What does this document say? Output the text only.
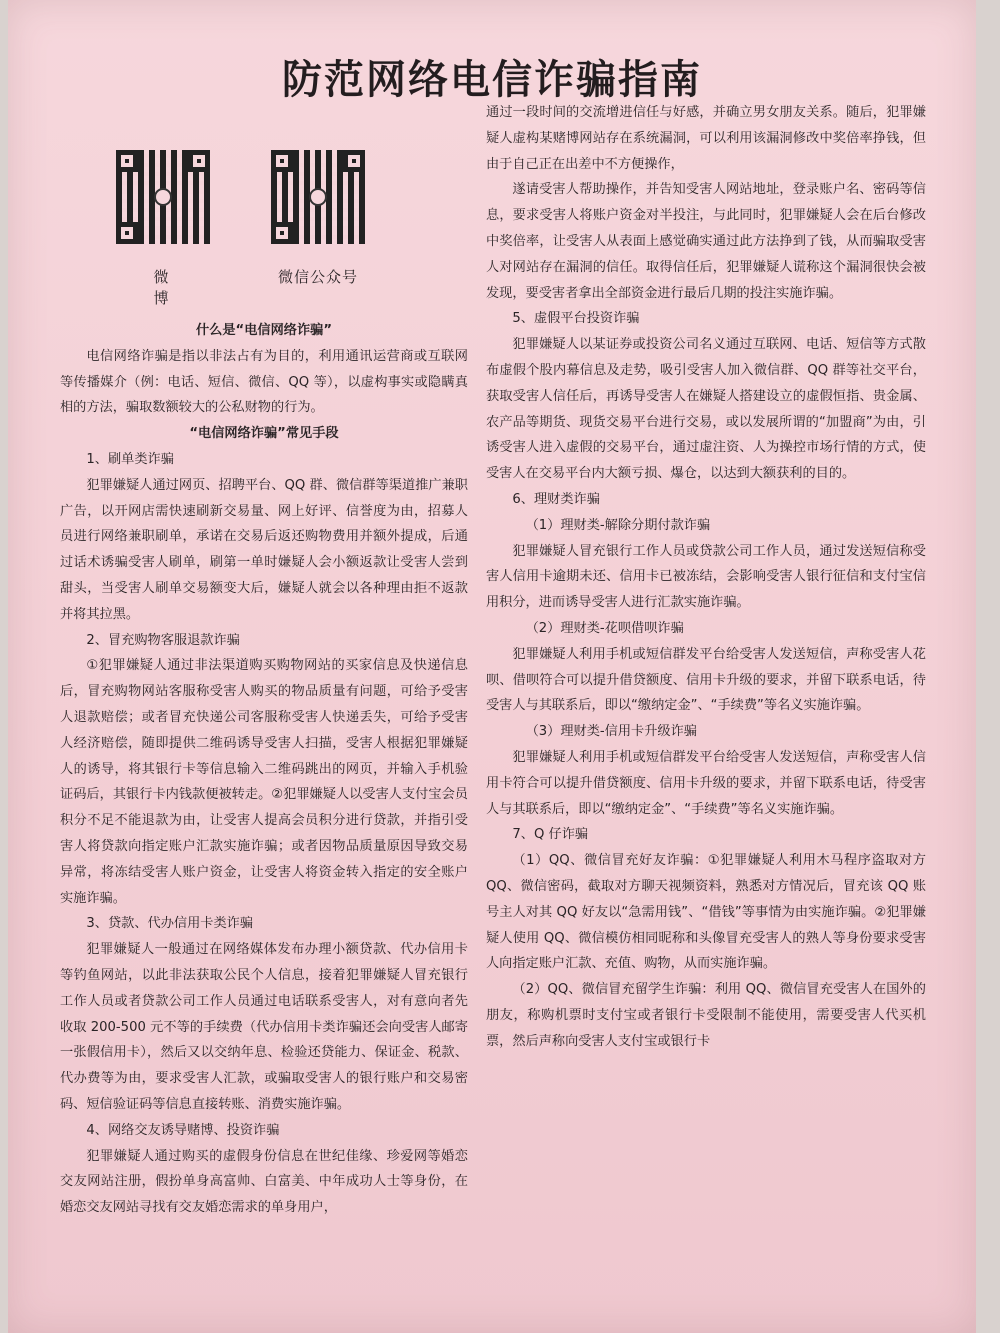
防范网络电信诈骗指南
微　博
微信公众号

什么是“电信网络诈骗”

电信网络诈骗是指以非法占有为目的，利用通讯运营商或互联网等传播媒介（例：电话、短信、微信、QQ 等），以虚构事实或隐瞒真相的方法，骗取数额较大的公私财物的行为。

“电信网络诈骗”常见手段

1、刷单类诈骗

犯罪嫌疑人通过网页、招聘平台、QQ 群、微信群等渠道推广兼职广告，以开网店需快速刷新交易量、网上好评、信誉度为由，招募人员进行网络兼职刷单，承诺在交易后返还购物费用并额外提成，后通过话术诱骗受害人刷单，刷第一单时嫌疑人会小额返款让受害人尝到甜头，当受害人刷单交易额变大后，嫌疑人就会以各种理由拒不返款并将其拉黑。

2、冒充购物客服退款诈骗

①犯罪嫌疑人通过非法渠道购买购物网站的买家信息及快递信息后，冒充购物网站客服称受害人购买的物品质量有问题，可给予受害人退款赔偿；或者冒充快递公司客服称受害人快递丢失，可给予受害人经济赔偿，随即提供二维码诱导受害人扫描，受害人根据犯罪嫌疑人的诱导，将其银行卡等信息输入二维码跳出的网页，并输入手机验证码后，其银行卡内钱款便被转走。②犯罪嫌疑人以受害人支付宝会员积分不足不能退款为由，让受害人提高会员积分进行贷款，并指引受害人将贷款向指定账户汇款实施诈骗；或者因物品质量原因导致交易异常，将冻结受害人账户资金，让受害人将资金转入指定的安全账户实施诈骗。

3、贷款、代办信用卡类诈骗

犯罪嫌疑人一般通过在网络媒体发布办理小额贷款、代办信用卡等钓鱼网站，以此非法获取公民个人信息，接着犯罪嫌疑人冒充银行工作人员或者贷款公司工作人员通过电话联系受害人，对有意向者先收取 200-500 元不等的手续费（代办信用卡类诈骗还会向受害人邮寄一张假信用卡），然后又以交纳年息、检验还贷能力、保证金、税款、代办费等为由，要求受害人汇款，或骗取受害人的银行账户和交易密码、短信验证码等信息直接转账、消费实施诈骗。

4、网络交友诱导赌博、投资诈骗

犯罪嫌疑人通过购买的虚假身份信息在世纪佳缘、珍爱网等婚恋交友网站注册，假扮单身高富帅、白富美、中年成功人士等身份，在婚恋交友网站寻找有交友婚恋需求的单身用户，

通过一段时间的交流增进信任与好感，并确立男女朋友关系。随后，犯罪嫌疑人虚构某赌博网站存在系统漏洞，可以利用该漏洞修改中奖倍率挣钱，但由于自己正在出差中不方便操作，

遂请受害人帮助操作，并告知受害人网站地址，登录账户名、密码等信息，要求受害人将账户资金对半投注，与此同时，犯罪嫌疑人会在后台修改中奖倍率，让受害人从表面上感觉确实通过此方法挣到了钱，从而骗取受害人对网站存在漏洞的信任。取得信任后，犯罪嫌疑人谎称这个漏洞很快会被发现，要受害者拿出全部资金进行最后几期的投注实施诈骗。

5、虚假平台投资诈骗

犯罪嫌疑人以某证券或投资公司名义通过互联网、电话、短信等方式散布虚假个股内幕信息及走势，吸引受害人加入微信群、QQ 群等社交平台，获取受害人信任后，再诱导受害人在嫌疑人搭建设立的虚假恒指、贵金属、农产品等期货、现货交易平台进行交易，或以发展所谓的“加盟商”为由，引诱受害人进入虚假的交易平台，通过虚注资、人为操控市场行情的方式，使受害人在交易平台内大额亏损、爆仓，以达到大额获利的目的。

6、理财类诈骗

（1）理财类-解除分期付款诈骗

犯罪嫌疑人冒充银行工作人员或贷款公司工作人员，通过发送短信称受害人信用卡逾期未还、信用卡已被冻结，会影响受害人银行征信和支付宝信用积分，进而诱导受害人进行汇款实施诈骗。

（2）理财类-花呗借呗诈骗

犯罪嫌疑人利用手机或短信群发平台给受害人发送短信，声称受害人花呗、借呗符合可以提升借贷额度、信用卡升级的要求，并留下联系电话，待受害人与其联系后，即以“缴纳定金”、“手续费”等名义实施诈骗。

（3）理财类-信用卡升级诈骗

犯罪嫌疑人利用手机或短信群发平台给受害人发送短信，声称受害人信用卡符合可以提升借贷额度、信用卡升级的要求，并留下联系电话，待受害人与其联系后，即以“缴纳定金”、“手续费”等名义实施诈骗。

7、Q 仔诈骗

（1）QQ、微信冒充好友诈骗：①犯罪嫌疑人利用木马程序盗取对方 QQ、微信密码，截取对方聊天视频资料，熟悉对方情况后，冒充该 QQ 账号主人对其 QQ 好友以“急需用钱”、“借钱”等事情为由实施诈骗。②犯罪嫌疑人使用 QQ、微信模仿相同昵称和头像冒充受害人的熟人等身份要求受害人向指定账户汇款、充值、购物，从而实施诈骗。

（2）QQ、微信冒充留学生诈骗：利用 QQ、微信冒充受害人在国外的朋友，称购机票时支付宝或者银行卡受限制不能使用，需要受害人代买机票，然后声称向受害人支付宝或银行卡
